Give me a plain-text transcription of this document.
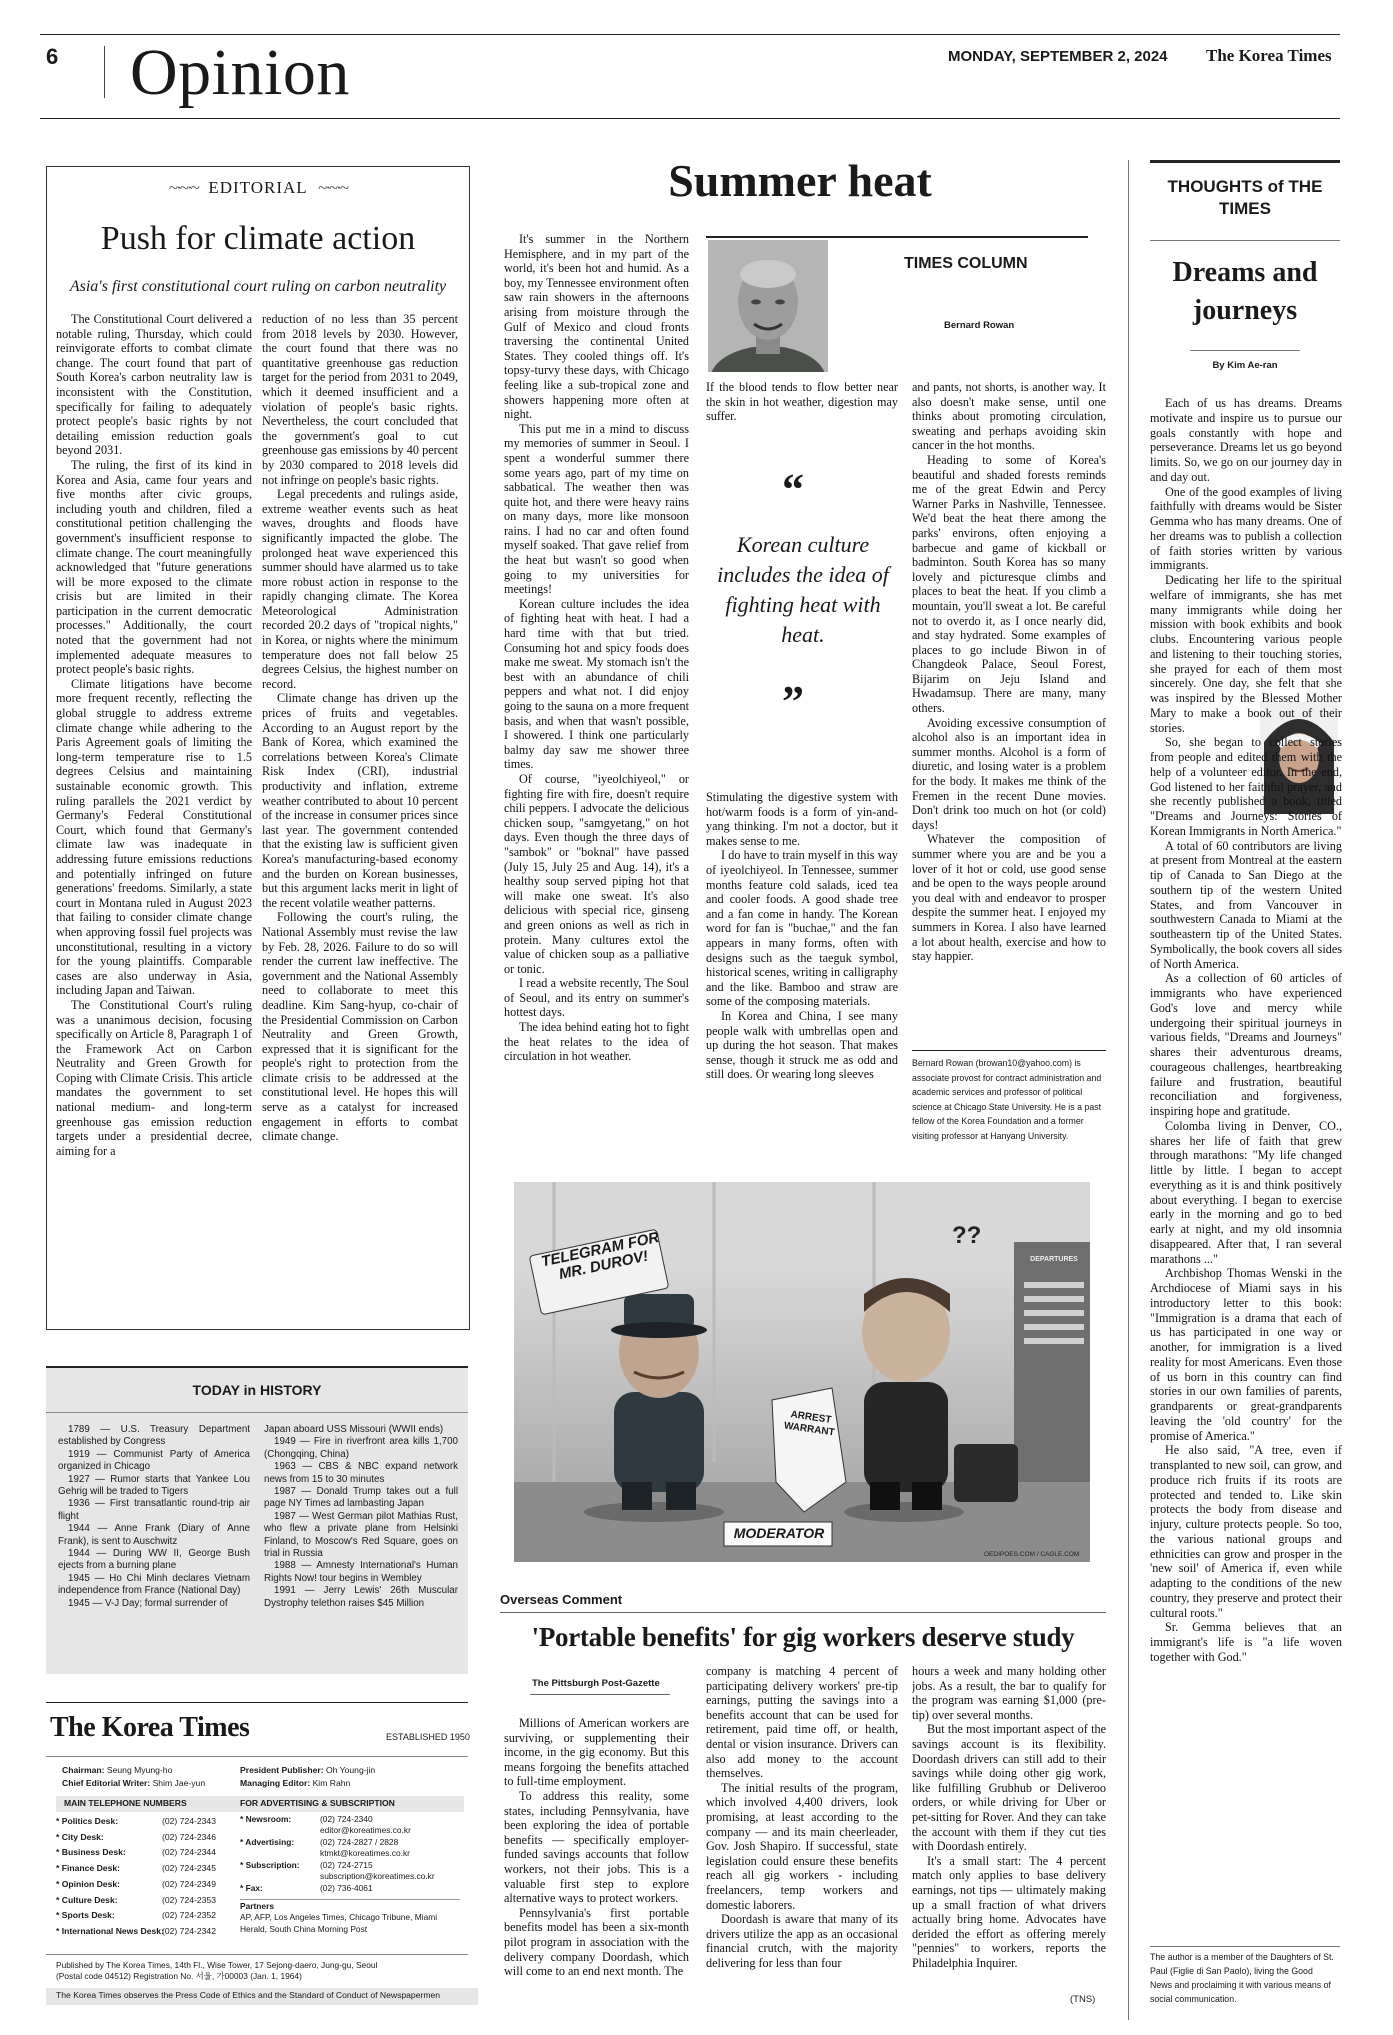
6 Opinion	MONDAY, SEPTEMBER 2, 2024 The Korea Times
~·~·~ EDITORIAL ~·~·~
Push for climate action
Asia's first constitutional court ruling on carbon neutrality

The Constitutional Court delivered a notable ruling, Thursday, which could reinvigorate efforts to combat climate change. The court found that part of South Korea's carbon neutrality law is inconsistent with the Constitution, specifically for failing to adequately protect people's basic rights by not detailing emission reduction goals beyond 2031.

The ruling, the first of its kind in Korea and Asia, came four years and five months after civic groups, including youth and children, filed a constitutional petition challenging the government's insufficient response to climate change. The court meaningfully acknowledged that "future generations will be more exposed to the climate crisis but are limited in their participation in the current democratic processes." Additionally, the court noted that the government had not implemented adequate measures to protect people's basic rights.

Climate litigations have become more frequent recently, reflecting the global struggle to address extreme climate change while adhering to the Paris Agreement goals of limiting the long-term temperature rise to 1.5 degrees Celsius and maintaining sustainable economic growth. This ruling parallels the 2021 verdict by Germany's Federal Constitutional Court, which found that Germany's climate law was inadequate in addressing future emissions reductions and potentially infringed on future generations' freedoms. Similarly, a state court in Montana ruled in August 2023 that failing to consider climate change when approving fossil fuel projects was unconstitutional, resulting in a victory for the young plaintiffs. Comparable cases are also underway in Asia, including Japan and Taiwan.

The Constitutional Court's ruling was a unanimous decision, focusing specifically on Article 8, Paragraph 1 of the Framework Act on Carbon Neutrality and Green Growth for Coping with Climate Crisis. This article mandates the government to set national medium- and long-term greenhouse gas emission reduction targets under a presidential decree, aiming for a

reduction of no less than 35 percent from 2018 levels by 2030. However, the court found that there was no quantitative greenhouse gas reduction target for the period from 2031 to 2049, which it deemed insufficient and a violation of people's basic rights. Nevertheless, the court concluded that the government's goal to cut greenhouse gas emissions by 40 percent by 2030 compared to 2018 levels did not infringe on people's basic rights.

Legal precedents and rulings aside, extreme weather events such as heat waves, droughts and floods have significantly impacted the globe. The prolonged heat wave experienced this summer should have alarmed us to take more robust action in response to the rapidly changing climate. The Korea Meteorological Administration recorded 20.2 days of "tropical nights," in Korea, or nights where the minimum temperature does not fall below 25 degrees Celsius, the highest number on record.

Climate change has driven up the prices of fruits and vegetables. According to an August report by the Bank of Korea, which examined the correlations between Korea's Climate Risk Index (CRI), industrial productivity and inflation, extreme weather contributed to about 10 percent of the increase in consumer prices since last year. The government contended that the existing law is sufficient given Korea's manufacturing-based economy and the burden on Korean businesses, but this argument lacks merit in light of the recent volatile weather patterns.

Following the court's ruling, the National Assembly must revise the law by Feb. 28, 2026. Failure to do so will render the current law ineffective. The government and the National Assembly need to collaborate to meet this deadline. Kim Sang-hyup, co-chair of the Presidential Commission on Carbon Neutrality and Green Growth, expressed that it is significant for the people's right to protection from the climate crisis to be addressed at the constitutional level. He hopes this will serve as a catalyst for increased engagement in efforts to combat climate change.

TODAY in HISTORY
1789 — U.S. Treasury Department established by Congress
1919 — Communist Party of America organized in Chicago
1927 — Rumor starts that Yankee Lou Gehrig will be traded to Tigers
1936 — First transatlantic round-trip air flight
1944 — Anne Frank (Diary of Anne Frank), is sent to Auschwitz
1944 — During WW II, George Bush ejects from a burning plane
1945 — Ho Chi Minh declares Vietnam independence from France (National Day)
1945 — V-J Day; formal surrender of
Japan aboard USS Missouri (WWII ends)
1949 — Fire in riverfront area kills 1,700 (Chongqing, China)
1963 — CBS & NBC expand network news from 15 to 30 minutes
1987 — Donald Trump takes out a full page NY Times ad lambasting Japan
1987 — West German pilot Mathias Rust, who flew a private plane from Helsinki Finland, to Moscow's Red Square, goes on trial in Russia
1988 — Amnesty International's Human Rights Now! tour begins in Wembley
1991 — Jerry Lewis' 26th Muscular Dystrophy telethon raises $45 Million
The Korea Times	ESTABLISHED 1950
Chairman: Seung Myung-ho
Chief Editorial Writer: Shim Jae-yun
President Publisher: Oh Young-jin
Managing Editor: Kim Rahn
MAIN TELEPHONE NUMBERS
* Politics Desk:	(02) 724-2343
* City Desk:	(02) 724-2346
* Business Desk:	(02) 724-2344
* Finance Desk:	(02) 724-2345
* Opinion Desk:	(02) 724-2349
* Culture Desk:	(02) 724-2353
* Sports Desk:	(02) 724-2352
* International News Desk:
(02) 724-2342
FOR ADVERTISING & SUBSCRIPTION
* Newsroom:	(02) 724-2340
editor@koreatimes.co.kr
* Advertising:	(02) 724-2827 / 2828
ktmkt@koreatimes.co.kr
* Subscription: (02) 724-2715
subscription@koreatimes.co.kr
* Fax:	(02) 736-4061
Partners
AP, AFP, Los Angeles Times, Chicago Tribune, Miami Herald, South China Morning Post
Published by The Korea Times, 14th Fl., Wise Tower, 17 Sejong-daero, Jung-gu, Seoul
(Postal code 04512) Registration No. 서울, 가00003 (Jan. 1, 1964)
The Korea Times observes the Press Code of Ethics and the Standard of Conduct of Newspapermen
Summer heat

It's summer in the Northern Hemisphere, and in my part of the world, it's been hot and humid. As a boy, my Tennessee environment often saw rain showers in the afternoons arising from moisture through the Gulf of Mexico and cloud fronts traversing the continental United States. They cooled things off. It's topsy-turvy these days, with Chicago feeling like a sub-tropical zone and showers happening more often at night.

This put me in a mind to discuss my memories of summer in Seoul. I spent a wonderful summer there some years ago, part of my time on sabbatical. The weather then was quite hot, and there were heavy rains on many days, more like monsoon rains. I had no car and often found myself soaked. That gave relief from the heat but wasn't so good when going to my universities for meetings!

Korean culture includes the idea of fighting heat with heat. I had a hard time with that but tried. Consuming hot and spicy foods does make me sweat. My stomach isn't the best with an abundance of chili peppers and what not. I did enjoy going to the sauna on a more frequent basis, and when that wasn't possible, I showered. I think one particularly balmy day saw me shower three times.

Of course, "iyeolchiyeol," or fighting fire with fire, doesn't require chili peppers. I advocate the delicious chicken soup, "samgyetang," on hot days. Even though the three days of "sambok" or "boknal" have passed (July 15, July 25 and Aug. 14), it's a healthy soup served piping hot that will make one sweat. It's also delicious with special rice, ginseng and green onions as well as rich in protein. Many cultures extol the value of chicken soup as a palliative or tonic.

I read a website recently, The Soul of Seoul, and its entry on summer's hottest days.

The idea behind eating hot to fight the heat relates to the idea of circulation in hot weather.

TIMES COLUMN
Bernard Rowan

If the blood tends to flow better near the skin in hot weather, digestion may suffer.

“
Korean culture includes the idea of fighting heat with heat.
”

Stimulating the digestive system with hot/warm foods is a form of yin-and-yang thinking. I'm not a doctor, but it makes sense to me.

I do have to train myself in this way of iyeolchiyeol. In Tennessee, summer months feature cold salads, iced tea and cooler foods. A good shade tree and a fan come in handy. The Korean word for fan is "buchae," and the fan appears in many forms, often with designs such as the taeguk symbol, historical scenes, writing in calligraphy and the like. Bamboo and straw are some of the composing materials.

In Korea and China, I see many people walk with umbrellas open and up during the hot season. That makes sense, though it struck me as odd and still does. Or wearing long sleeves

and pants, not shorts, is another way. It also doesn't make sense, until one thinks about promoting circulation, sweating and perhaps avoiding skin cancer in the hot months.

Heading to some of Korea's beautiful and shaded forests reminds me of the great Edwin and Percy Warner Parks in Nashville, Tennessee. We'd beat the heat there among the parks' environs, often enjoying a barbecue and game of kickball or badminton. South Korea has so many lovely and picturesque climbs and places to beat the heat. If you climb a mountain, you'll sweat a lot. Be careful not to overdo it, as I once nearly did, and stay hydrated. Some examples of places to go include Biwon in of Changdeok Palace, Seoul Forest, Bijarim on Jeju Island and Hwadamsup. There are many, many others.

Avoiding excessive consumption of alcohol also is an important idea in summer months. Alcohol is a form of diuretic, and losing water is a problem for the body. It makes me think of the Fremen in the recent Dune movies. Don't drink too much on hot (or cold) days!

Whatever the composition of summer where you are and be you a lover of it hot or cold, use good sense and be open to the ways people around you deal with and endeavor to prosper despite the summer heat. I enjoyed my summers in Korea. I also have learned a lot about health, exercise and how to stay happier.

Bernard Rowan (browan10@yahoo.com) is associate provost for contract administration and academic services and professor of political science at Chicago State University. He is a past fellow of the Korea Foundation and a former visiting professor at Hanyang University.
TELEGRAM FOR MR. DUROV!
ARREST WARRANT
MODERATOR
??
DEPARTURES
OEDIPOES.COM / CAGLE.COM
Overseas Comment
'Portable benefits' for gig workers deserve study
The Pittsburgh Post-Gazette

Millions of American workers are surviving, or supplementing their income, in the gig economy. But this means forgoing the benefits attached to full-time employment.

To address this reality, some states, including Pennsylvania, have been exploring the idea of portable benefits — specifically employer-funded savings accounts that follow workers, not their jobs. This is a valuable first step to explore alternative ways to protect workers.

Pennsylvania's first portable benefits model has been a six-month pilot program in association with the delivery company Doordash, which will come to an end next month. The

company is matching 4 percent of participating delivery workers' pre-tip earnings, putting the savings into a benefits account that can be used for retirement, paid time off, or health, dental or vision insurance. Drivers can also add money to the account themselves.

The initial results of the program, which involved 4,400 drivers, look promising, at least according to the company — and its main cheerleader, Gov. Josh Shapiro. If successful, state legislation could ensure these benefits reach all gig workers - including freelancers, temp workers and domestic laborers.

Doordash is aware that many of its drivers utilize the app as an occasional financial crutch, with the majority delivering for less than four

hours a week and many holding other jobs. As a result, the bar to qualify for the program was earning $1,000 (pre-tip) over several months.

But the most important aspect of the savings account is its flexibility. Doordash drivers can still add to their savings while doing other gig work, like fulfilling Grubhub or Deliveroo orders, or while driving for Uber or pet-sitting for Rover. And they can take the account with them if they cut ties with Doordash entirely.

It's a small start: The 4 percent match only applies to base delivery earnings, not tips — ultimately making up a small fraction of what drivers actually bring home. Advocates have derided the effort as offering merely "pennies" to workers, reports the Philadelphia Inquirer.

(TNS)
THOUGHTS of THE TIMES
Dreams and journeys
By Kim Ae-ran

Each of us has dreams. Dreams motivate and inspire us to pursue our goals constantly with hope and perseverance. Dreams let us go beyond limits. So, we go on our journey day in and day out.

One of the good examples of living faithfully with dreams would be Sister Gemma who has many dreams. One of her dreams was to publish a collection of faith stories written by various immigrants.

Dedicating her life to the spiritual welfare of immigrants, she has met many immigrants while doing her mission with book exhibits and book clubs. Encountering various people and listening to their touching stories, she prayed for each of them most sincerely. One day, she felt that she was inspired by the Blessed Mother Mary to make a book out of their stories.

So, she began to collect stories from people and edited them with the help of a volunteer editor. In the end, God listened to her faithful prayer, and she recently published a book, titled "Dreams and Journeys: Stories of Korean Immigrants in North America."

A total of 60 contributors are living at present from Montreal at the eastern tip of Canada to San Diego at the southern tip of the western United States, and from Vancouver in southwestern Canada to Miami at the southeastern tip of the United States. Symbolically, the book covers all sides of North America.

As a collection of 60 articles of immigrants who have experienced God's love and mercy while undergoing their spiritual journeys in various fields, "Dreams and Journeys" shares their adventurous dreams, courageous challenges, heartbreaking failure and frustration, beautiful reconciliation and forgiveness, inspiring hope and gratitude.

Colomba living in Denver, CO., shares her life of faith that grew through marathons: "My life changed little by little. I began to accept everything as it is and think positively about everything. I began to exercise early in the morning and go to bed early at night, and my old insomnia disappeared. After that, I ran several marathons ..."

Archbishop Thomas Wenski in the Archdiocese of Miami says in his introductory letter to this book: "Immigration is a drama that each of us has participated in one way or another, for immigration is a lived reality for most Americans. Even those of us born in this country can find stories in our own families of parents, grandparents or great-grandparents leaving the 'old country' for the promise of America."

He also said, "A tree, even if transplanted to new soil, can grow, and produce rich fruits if its roots are protected and tended to. Like skin protects the body from disease and injury, culture protects people. So too, the various national groups and ethnicities can grow and prosper in the 'new soil' of America if, even while adapting to the conditions of the new country, they preserve and protect their cultural roots."

Sr. Gemma believes that an immigrant's life is "a life woven together with God."

The author is a member of the Daughters of St. Paul (Figlie di San Paolo), living the Good News and proclaiming it with various means of social communication.
